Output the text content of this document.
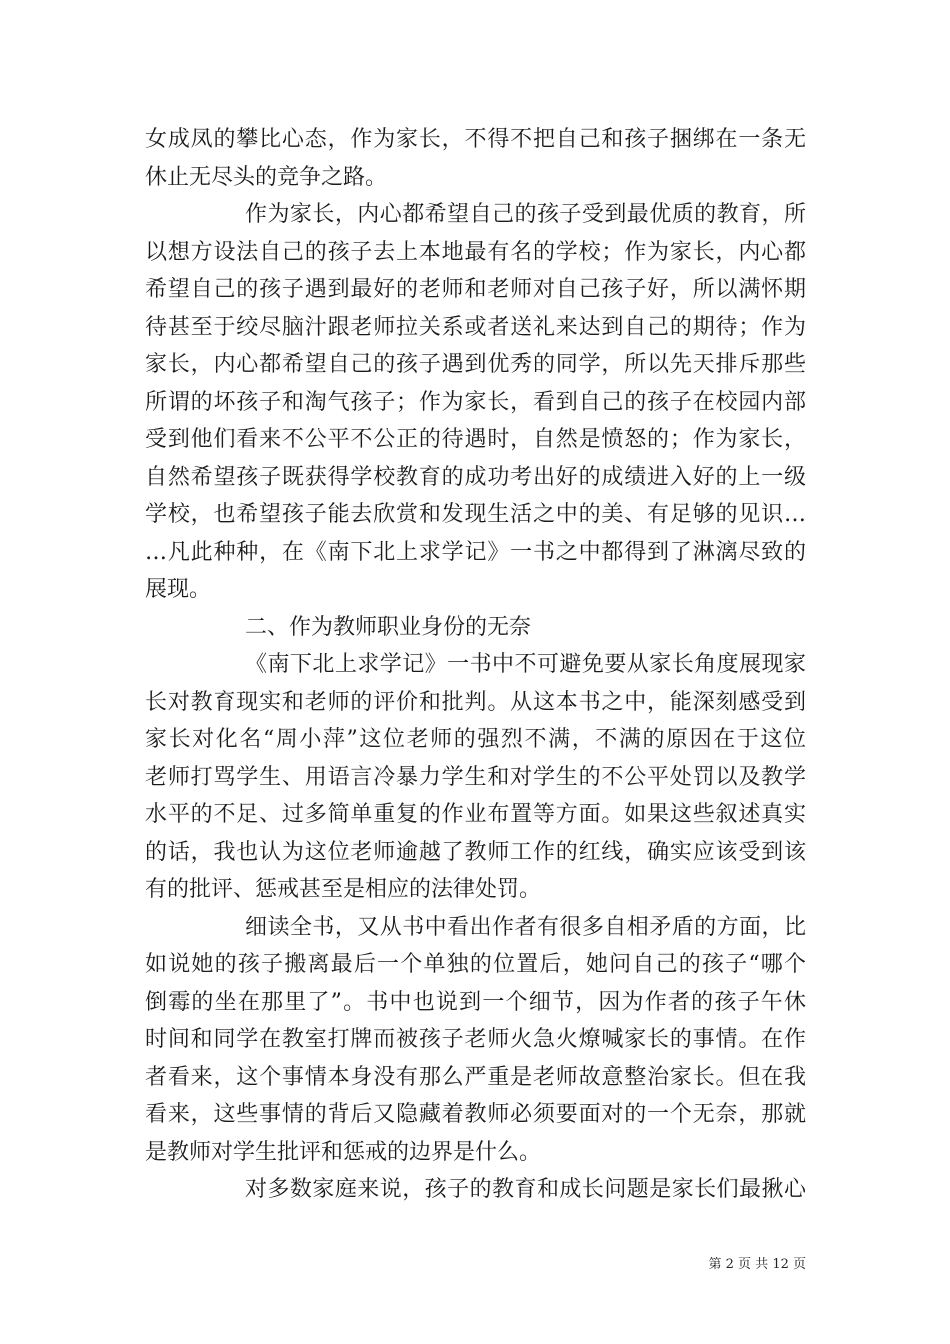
女成凤的攀比心态，作为家长，不得不把自己和孩子捆绑在一条无
休止无尽头的竞争之路。
作为家长，内心都希望自己的孩子受到最优质的教育，所
以想方设法自己的孩子去上本地最有名的学校；作为家长，内心都
希望自己的孩子遇到最好的老师和老师对自己孩子好，所以满怀期
待甚至于绞尽脑汁跟老师拉关系或者送礼来达到自己的期待；作为
家长，内心都希望自己的孩子遇到优秀的同学，所以先天排斥那些
所谓的坏孩子和淘气孩子；作为家长，看到自己的孩子在校园内部
受到他们看来不公平不公正的待遇时，自然是愤怒的；作为家长，
自然希望孩子既获得学校教育的成功考出好的成绩进入好的上一级
学校，也希望孩子能去欣赏和发现生活之中的美、有足够的见识…
…凡此种种，在《南下北上求学记》一书之中都得到了淋漓尽致的
展现。
二、作为教师职业身份的无奈
《南下北上求学记》一书中不可避免要从家长角度展现家
长对教育现实和老师的评价和批判。从这本书之中，能深刻感受到
家长对化名“周小萍”这位老师的强烈不满，不满的原因在于这位
老师打骂学生、用语言冷暴力学生和对学生的不公平处罚以及教学
水平的不足、过多简单重复的作业布置等方面。如果这些叙述真实
的话，我也认为这位老师逾越了教师工作的红线，确实应该受到该
有的批评、惩戒甚至是相应的法律处罚。
细读全书，又从书中看出作者有很多自相矛盾的方面，比
如说她的孩子搬离最后一个单独的位置后，她问自己的孩子“哪个
倒霉的坐在那里了”。书中也说到一个细节，因为作者的孩子午休
时间和同学在教室打牌而被孩子老师火急火燎喊家长的事情。在作
者看来，这个事情本身没有那么严重是老师故意整治家长。但在我
看来，这些事情的背后又隐藏着教师必须要面对的一个无奈，那就
是教师对学生批评和惩戒的边界是什么。
对多数家庭来说，孩子的教育和成长问题是家长们最揪心
第 2 页 共 12 页
